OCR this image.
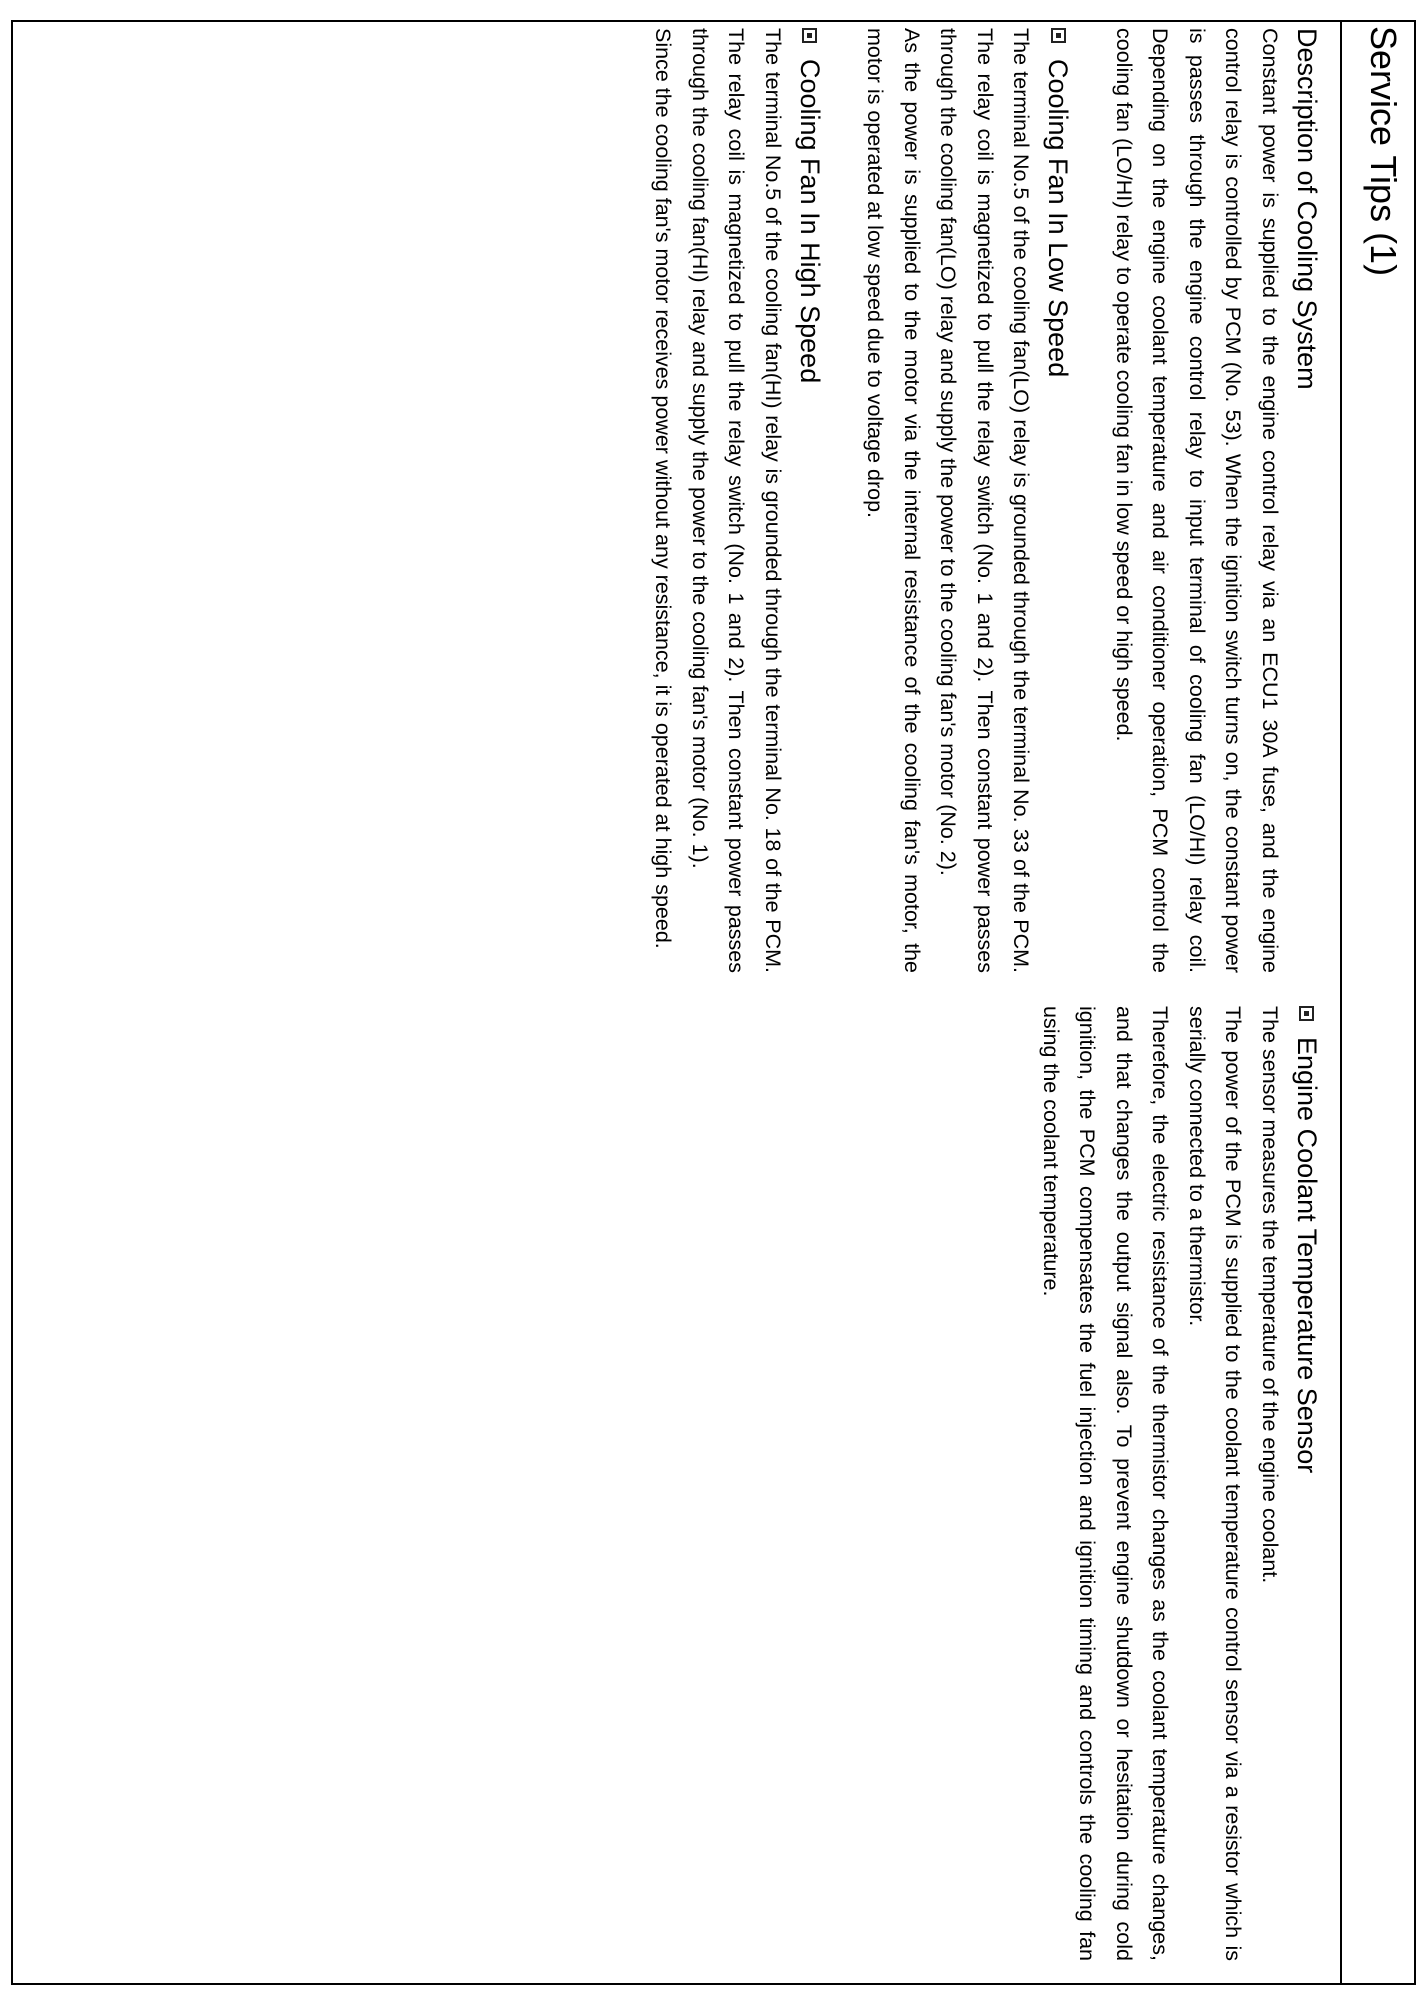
Service Tips (1)
Description of Cooling System

Constant power is supplied to the engine control relay via an ECU1 30A fuse, and the engine control relay is controlled by PCM (No. 53). When the ignition switch turns on, the constant power is passes through the engine control relay to input terminal of cooling fan (LO/HI) relay coil. Depending on the engine coolant temperature and air conditioner operation, PCM control the cooling fan (LO/HI) relay to operate cooling fan in low speed or high speed.

Cooling Fan In Low Speed

The terminal No.5 of the cooling fan(LO) relay is grounded through the terminal No. 33 of the PCM. The relay coil is magnetized to pull the relay switch (No. 1 and 2). Then constant power passes through the cooling fan(LO) relay and supply the power to the cooling fan's motor (No. 2).

As the power is supplied to the motor via the internal resistance of the cooling fan's motor, the motor is operated at low speed due to voltage drop.

Cooling Fan In High Speed

The terminal No.5 of the cooling fan(HI) relay is grounded through the terminal No. 18 of the PCM. The relay coil is magnetized to pull the relay switch (No. 1 and 2). Then constant power passes through the cooling fan(HI) relay and supply the power to the cooling fan's motor (No. 1).

Since the cooling fan's motor receives power without any resistance, it is operated at high speed.

Engine Coolant Temperature Sensor

The sensor measures the temperature of the engine coolant.

The power of the PCM is supplied to the coolant temperature control sensor via a resistor which is serially connected to a thermistor.

Therefore, the electric resistance of the thermistor changes as the coolant temperature changes, and that changes the output signal also. To prevent engine shutdown or hesitation during cold ignition, the PCM compensates the fuel injection and ignition timing and controls the cooling fan using the coolant temperature.
